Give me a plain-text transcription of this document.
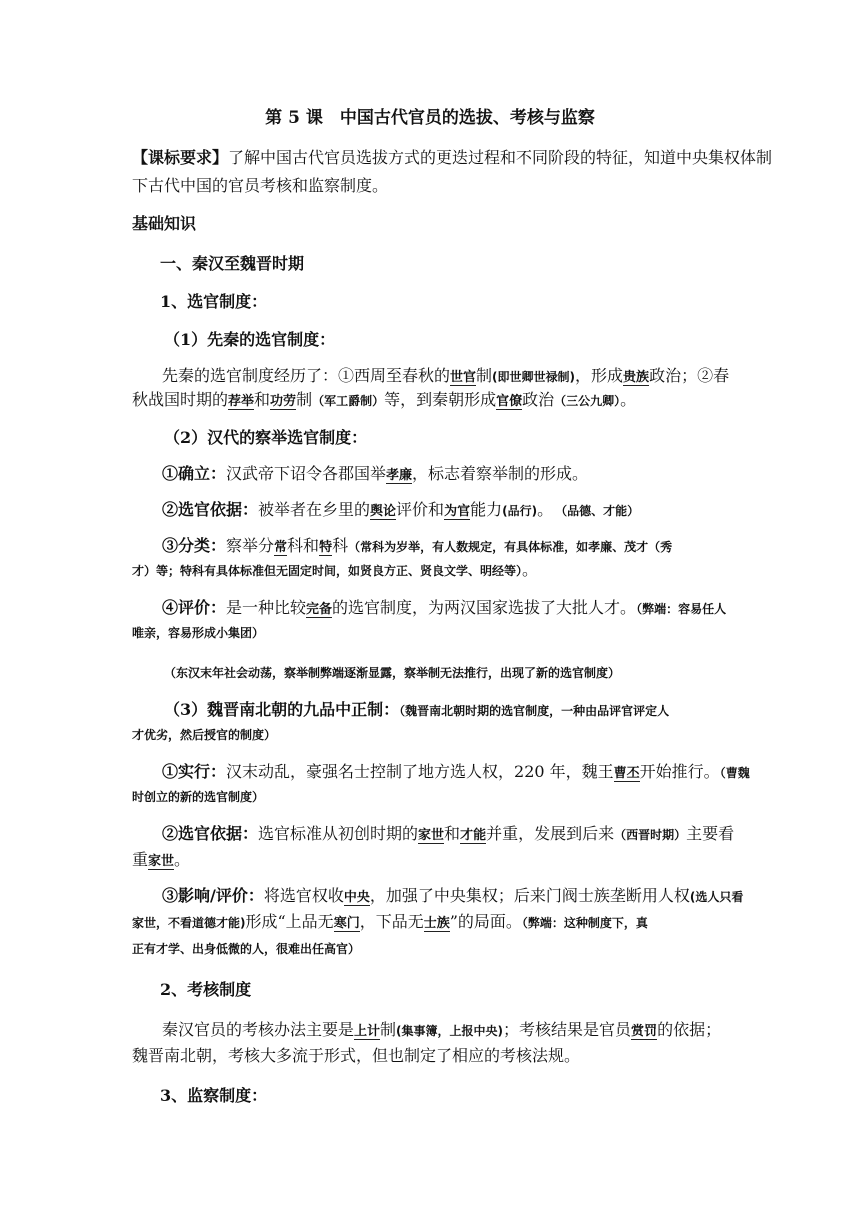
第 5 课　中国古代官员的选拔、考核与监察
【课标要求】了解中国古代官员选拔方式的更迭过程和不同阶段的特征，知道中央集权体制
下古代中国的官员考核和监察制度。
基础知识
一、秦汉至魏晋时期
1、选官制度：
（1）先秦的选官制度：
先秦的选官制度经历了：①西周至春秋的世官制(即世卿世禄制)，形成贵族政治；②春
秋战国时期的荐举和功劳制（军工爵制）等，到秦朝形成官僚政治（三公九卿）。
（2）汉代的察举选官制度：
①确立：汉武帝下诏令各郡国举孝廉，标志着察举制的形成。
②选官依据：被举者在乡里的舆论评价和为官能力(品行)。 （品德、才能）
③分类：察举分常科和特科（常科为岁举，有人数规定，有具体标准，如孝廉、茂才（秀
才）等；特科有具体标准但无固定时间，如贤良方正、贤良文学、明经等）。
④评价：是一种比较完备的选官制度，为两汉国家选拔了大批人才。（弊端：容易任人
唯亲，容易形成小集团）
（东汉末年社会动荡，察举制弊端逐渐显露，察举制无法推行，出现了新的选官制度）
（3）魏晋南北朝的九品中正制：（魏晋南北朝时期的选官制度，一种由品评官评定人
才优劣，然后授官的制度）
①实行：汉末动乱，豪强名士控制了地方选人权，220 年，魏王曹丕开始推行。（曹魏
时创立的新的选官制度）
②选官依据：选官标准从初创时期的家世和才能并重，发展到后来（西晋时期）主要看
重家世。
③影响/评价：将选官权收中央，加强了中央集权；后来门阀士族垄断用人权(选人只看
家世，不看道德才能)形成“上品无寒门，下品无士族”的局面。（弊端：这种制度下，真
正有才学、出身低微的人，很难出任高官）
2、考核制度
秦汉官员的考核办法主要是上计制(集事簿，上报中央)；考核结果是官员赏罚的依据；
魏晋南北朝，考核大多流于形式，但也制定了相应的考核法规。
3、监察制度：
